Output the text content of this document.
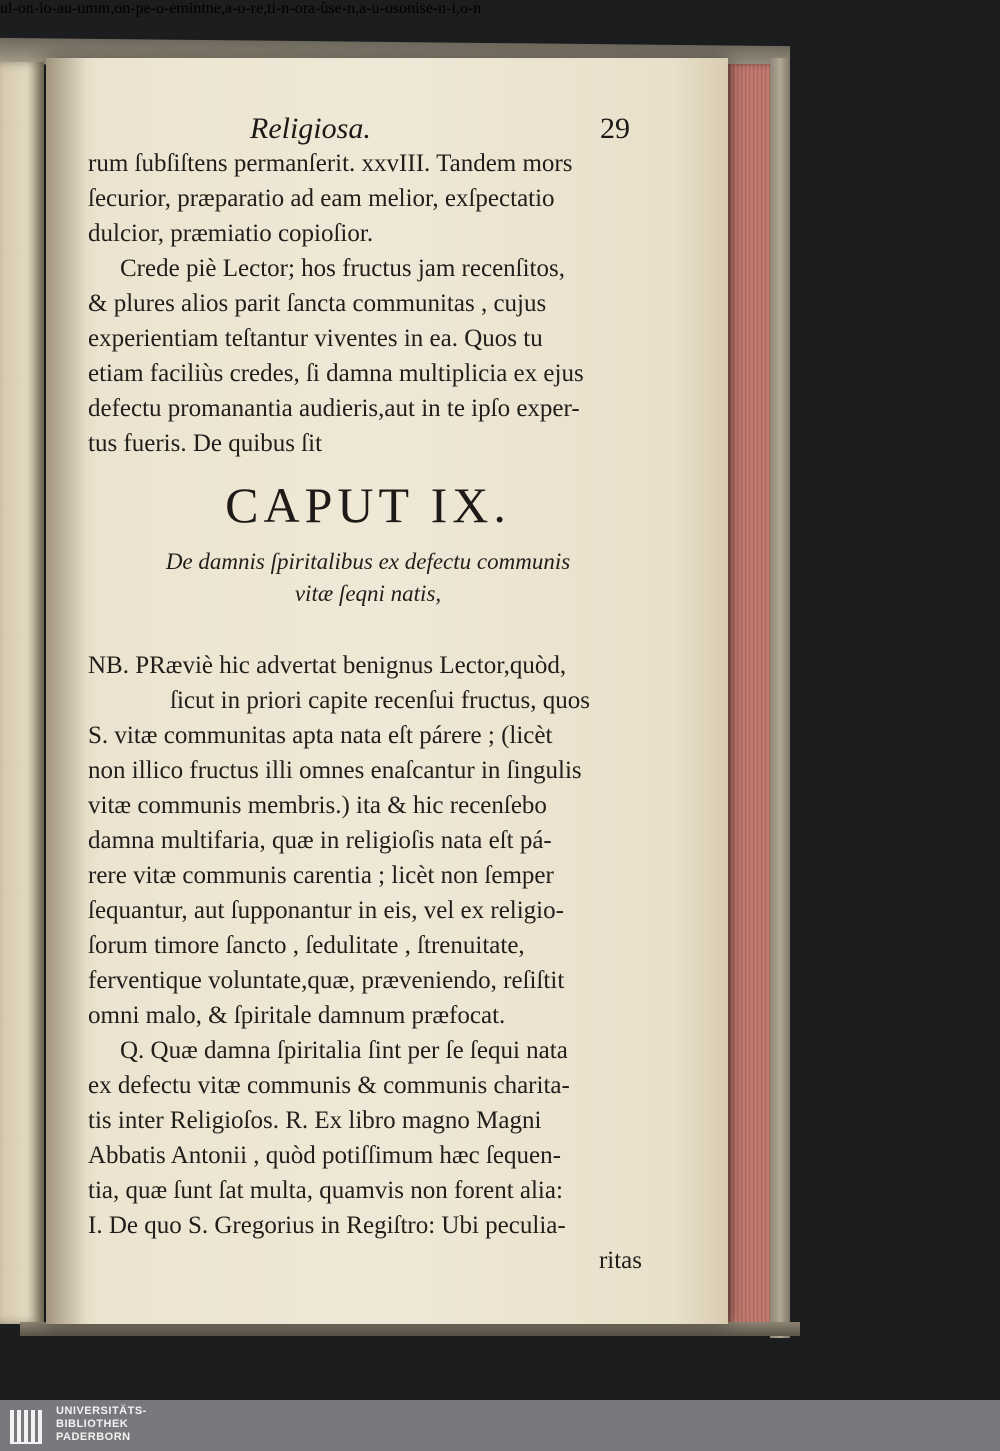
Religiosa.	29
rum ſubſiſtens permanſerit. xxvIII. Tandem mors
ſecurior, præparatio ad eam melior, exſpectatio
dulcior, præmiatio copioſior.
Crede piè Lector; hos fructus jam recenſitos,
& plures alios parit ſancta communitas , cujus
experientiam teſtantur viventes in ea. Quos tu
etiam faciliùs credes, ſi damna multiplicia ex ejus
defectu promanantia audieris,aut in te ipſo exper-
tus fueris. De quibus ſit
CAPUT IX.
De damnis ſpiritalibus ex defectu communis
vitæ ſeqni natis,
NB. PRæviè hic advertat benignus Lector,quòd,
ſicut in priori capite recenſui fructus, quos
S. vitæ communitas apta nata eſt párere ; (licèt
non illico fructus illi omnes enaſcantur in ſingulis
vitæ communis membris.) ita & hic recenſebo
damna multifaria, quæ in religioſis nata eſt pá-
rere vitæ communis carentia ; licèt non ſemper
ſequantur, aut ſupponantur in eis, vel ex religio-
ſorum timore ſancto , ſedulitate , ſtrenuitate,
ferventique voluntate,quæ, præveniendo, reſiſtit
omni malo, & ſpiritale damnum præfocat.
Q. Quæ damna ſpiritalia ſint per ſe ſequi nata
ex defectu vitæ communis & communis charita-
tis inter Religioſos. R. Ex libro magno Magni
Abbatis Antonii , quòd potiſſimum hæc ſequen-
tia, quæ ſunt ſat multa, quamvis non forent alia:
I. De quo S. Gregorius in Regiſtro: Ubi peculia-
ritas
ul-on-io-au-umm,on-pe-o-emintne,a-o-re,ti-n-ora-ùse-n,a-u-osonise-n-i,o-n
UNIVERSITÄTS-
BIBLIOTHEK
PADERBORN
